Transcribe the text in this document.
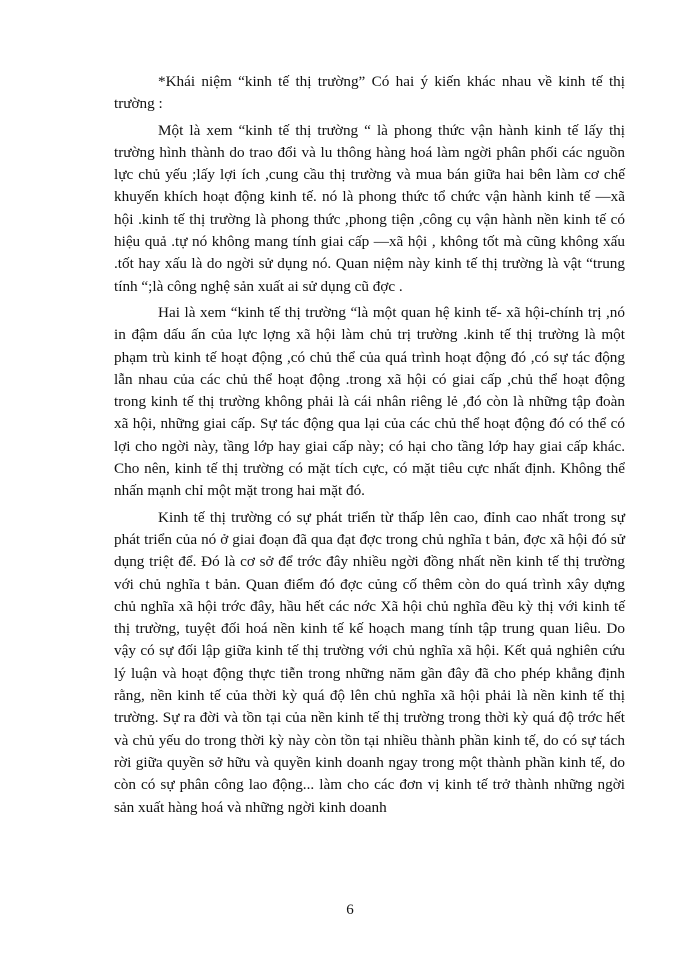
*Khái niệm “kinh tế thị trường” Có hai ý kiến khác nhau về kinh tế thị trường :

Một là xem “kinh tế thị trường “ là phong thức vận hành kinh tế lấy thị trường hình thành do trao đổi và lu thông hàng hoá làm ngời phân phối các nguồn lực chủ yếu ;lấy lợi ích ,cung cầu thị trường và mua bán giữa hai bên làm cơ chế khuyến khích hoạt động kinh tế. nó là phong thức tổ chức vận hành kinh tế —xã hội .kinh tế thị trường là phong thức ,phong tiện ,công cụ vận hành nền kinh tế có hiệu quả .tự nó không mang tính giai cấp —xã hội , không tốt mà cũng không xấu .tốt hay xấu là do ngời sử dụng nó. Quan niệm này kinh tế thị trường là vật “trung tính “;là công nghệ sản xuất ai sử dụng cũ đợc .

Hai là xem “kinh tế thị trường “là một quan hệ kinh tế- xã hội-chính trị ,nó in đậm dấu ấn của lực lợng xã hội làm chủ trị trường .kinh tế thị trường là một phạm trù kinh tế hoạt động ,có chủ thể của quá trình hoạt động đó ,có sự tác động lẫn nhau của các chủ thể hoạt động .trong xã hội có giai cấp ,chủ thể hoạt động trong kinh tế thị trường không phải là cái nhân riêng lẻ ,đó còn là những tập đoàn xã hội, những giai cấp. Sự tác động qua lại của các chủ thể hoạt động đó có thể có lợi cho ngời này, tầng lớp hay giai cấp này; có hại cho tầng lớp hay giai cấp khác. Cho nên, kinh tế thị trường có mặt tích cực, có mặt tiêu cực nhất định. Không thể nhấn mạnh chỉ một mặt trong hai mặt đó.

Kinh tế thị trường có sự phát triển từ thấp lên cao, đỉnh cao nhất trong sự phát triển của nó ở giai đoạn đã qua đạt đợc trong chủ nghĩa t bản, đợc xã hội đó sử dụng triệt để. Đó là cơ sở để trớc đây nhiều ngời đồng nhất nền kinh tế thị trường với chủ nghĩa t bản. Quan điểm đó đợc củng cố thêm còn do quá trình xây dựng chủ nghĩa xã hội trớc đây, hầu hết các nớc Xã hội chủ nghĩa đều kỳ thị với kinh tế thị trường, tuyệt đối hoá nền kinh tế kế hoạch mang tính tập trung quan liêu. Do vậy có sự đối lập giữa kinh tế thị trường với chủ nghĩa xã hội. Kết quả nghiên cứu lý luận và hoạt động thực tiễn trong những năm gần đây đã cho phép khẳng định rằng, nền kinh tế của thời kỳ quá độ lên chủ nghĩa xã hội phải là nền kinh tế thị trường. Sự ra đời và tồn tại của nền kinh tế thị trường trong thời kỳ quá độ trớc hết và chủ yếu do trong thời kỳ này còn tồn tại nhiều thành phần kinh tế, do có sự tách rời giữa quyền sở hữu và quyền kinh doanh ngay trong một thành phần kinh tế, do còn có sự phân công lao động... làm cho các đơn vị kinh tế trở thành những ngời sản xuất hàng hoá và những ngời kinh doanh

6
